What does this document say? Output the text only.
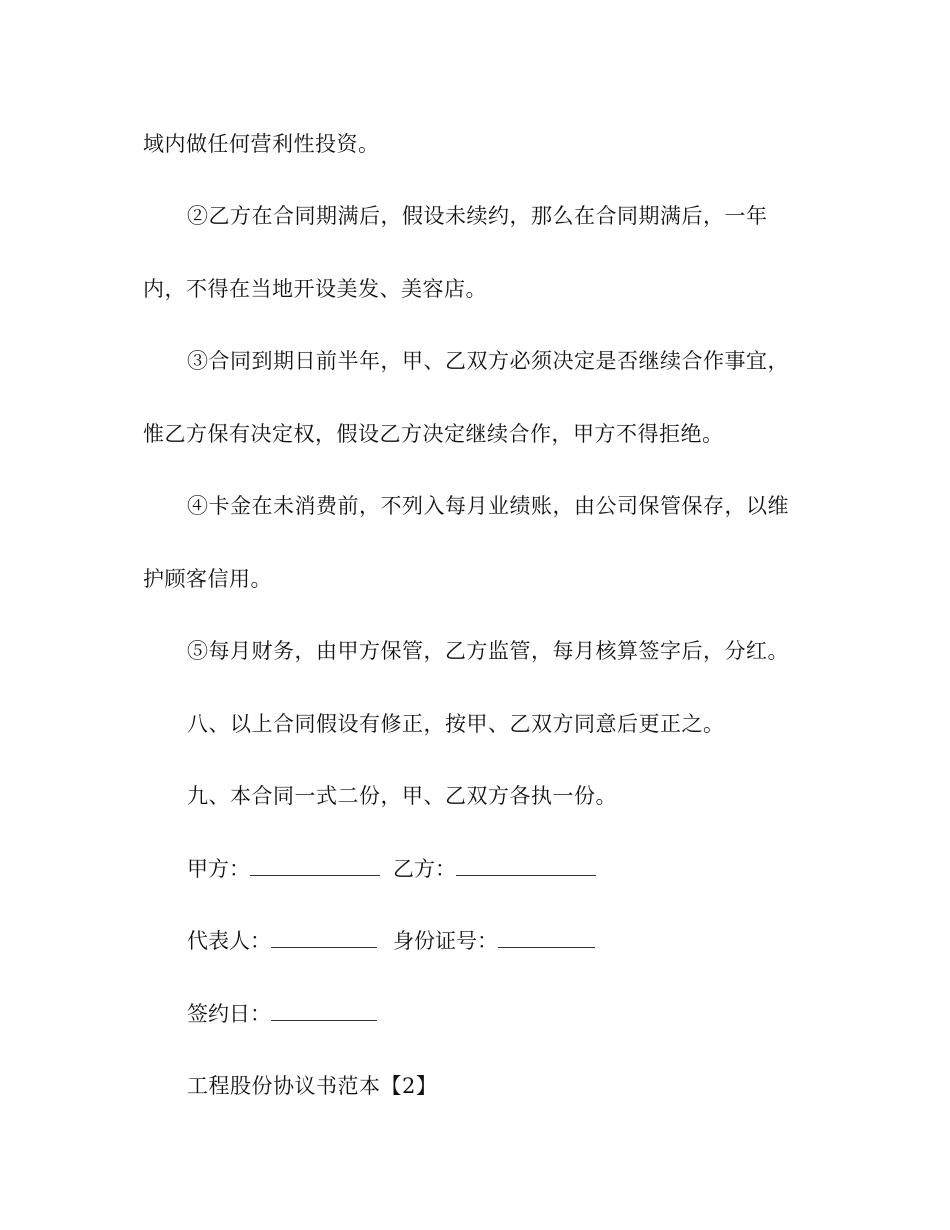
域内做任何营利性投资。
②乙方在合同期满后，假设未续约，那么在合同期满后，一年
内，不得在当地开设美发、美容店。
③合同到期日前半年，甲、乙双方必须决定是否继续合作事宜，
惟乙方保有决定权，假设乙方决定继续合作，甲方不得拒绝。
④卡金在未消费前，不列入每月业绩账，由公司保管保存，以维
护顾客信用。
⑤每月财务，由甲方保管，乙方监管，每月核算签字后，分红。
八、以上合同假设有修正，按甲、乙双方同意后更正之。
九、本合同一式二份，甲、乙双方各执一份。
甲方：	乙方：
代表人：	身份证号：
签约日：
工程股份协议书范本【2】
